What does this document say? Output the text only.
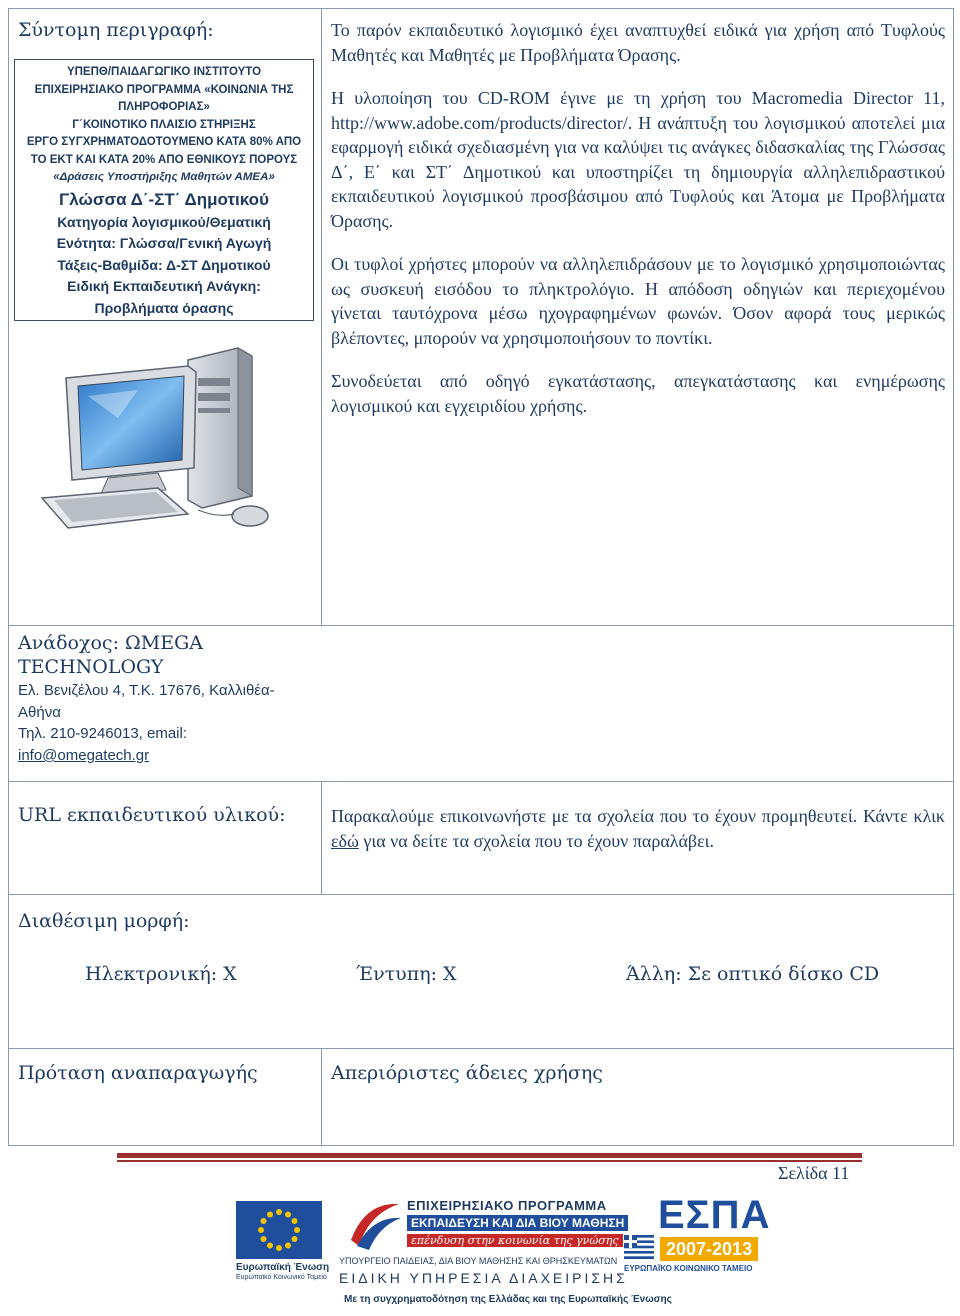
Σύντομη περιγραφή:
ΥΠΕΠΘ/ΠΑΙΔΑΓΩΓΙΚΟ ΙΝΣΤΙΤΟΥΤΟ
ΕΠΙΧΕΙΡΗΣΙΑΚΟ ΠΡΟΓΡΑΜΜΑ «ΚΟΙΝΩΝΙΑ ΤΗΣ
ΠΛΗΡΟΦΟΡΙΑΣ»
Γ΄ΚΟΙΝΟΤΙΚΟ ΠΛΑΙΣΙΟ ΣΤΗΡΙΞΗΣ
ΕΡΓΟ ΣΥΓΧΡΗΜΑΤΟΔΟΤΟΥΜΕΝΟ ΚΑΤΑ 80% ΑΠΟ
ΤΟ ΕΚΤ ΚΑΙ ΚΑΤΑ 20% ΑΠΟ ΕΘΝΙΚΟΥΣ ΠΟΡΟΥΣ
«Δράσεις Υποστήριξης Μαθητών ΑΜΕΑ»
Γλώσσα Δ΄-ΣΤ΄ Δημοτικού
Κατηγορία λογισμικού/Θεματική
Ενότητα: Γλώσσα/Γενική Αγωγή
Τάξεις-Βαθμίδα: Δ-ΣΤ Δημοτικού
Ειδική Εκπαιδευτική Ανάγκη:
Προβλήματα όρασης

Το παρόν εκπαιδευτικό λογισμικό έχει αναπτυχθεί ειδικά για χρήση από Τυφλούς Μαθητές και Μαθητές με Προβλήματα Όρασης.

Η υλοποίηση του CD-ROM έγινε με τη χρήση του Macromedia Director 11, http://www.adobe.com/products/director/. Η ανάπτυξη του λογισμικού αποτελεί μια εφαρμογή ειδικά σχεδιασμένη για να καλύψει τις ανάγκες διδασκαλίας της Γλώσσας Δ΄, Ε΄ και ΣΤ΄ Δημοτικού και υποστηρίζει τη δημιουργία αλληλεπιδραστικού εκπαιδευτικού λογισμικού προσβάσιμου από Τυφλούς και Άτομα με Προβλήματα Όρασης.

Οι τυφλοί χρήστες μπορούν να αλληλεπιδράσουν με το λογισμικό χρησιμοποιώντας ως συσκευή εισόδου το πληκτρολόγιο. Η απόδοση οδηγιών και περιεχομένου γίνεται ταυτόχρονα μέσω ηχογραφημένων φωνών. Όσον αφορά τους μερικώς βλέποντες, μπορούν να χρησιμοποιήσουν το ποντίκι.

Συνοδεύεται από οδηγό εγκατάστασης, απεγκατάστασης και ενημέρωσης λογισμικού και εγχειριδίου χρήσης.

Ανάδοχος: ΩMEGA TECHNOLOGY
Ελ. Βενιζέλου 4, Τ.Κ. 17676, Καλλιθέα-Αθήνα
Τηλ. 210-9246013, email:
info@omegatech.gr
URL εκπαιδευτικού υλικού:	Παρακαλούμε επικοινωνήστε με τα σχολεία που το έχουν προμηθευτεί. Κάντε κλικ εδώ για να δείτε τα σχολεία που το έχουν παραλάβει.
Διαθέσιμη μορφή:
Ηλεκτρονική: Χ	Έντυπη: Χ	Άλλη: Σε οπτικό δίσκο CD
Πρόταση αναπαραγωγής	Απεριόριστες άδειες χρήσης
Σελίδα 11
Ευρωπαϊκή Ένωση
Ευρωπαϊκό Κοινωνικό Ταμείο
ΕΠΙΧΕΙΡΗΣΙΑΚΟ ΠΡΟΓΡΑΜΜΑ
ΕΚΠΑΙΔΕΥΣΗ ΚΑΙ ΔΙΑ ΒΙΟΥ ΜΑΘΗΣΗ
επένδυση στην κοινωνία της γνώσης
ΥΠΟΥΡΓΕΙΟ ΠΑΙΔΕΙΑΣ, ΔΙΑ ΒΙΟΥ ΜΑΘΗΣΗΣ ΚΑΙ ΘΡΗΣΚΕΥΜΑΤΩΝ
ΕΙΔΙΚΗ ΥΠΗΡΕΣΙΑ ΔΙΑΧΕΙΡΙΣΗΣ
ΕΣΠΑ
2007-2013
ΕΥΡΩΠΑΪΚΟ ΚΟΙΝΩΝΙΚΟ ΤΑΜΕΙΟ
Με τη συγχρηματοδότηση της Ελλάδας και της Ευρωπαϊκής Ένωσης
